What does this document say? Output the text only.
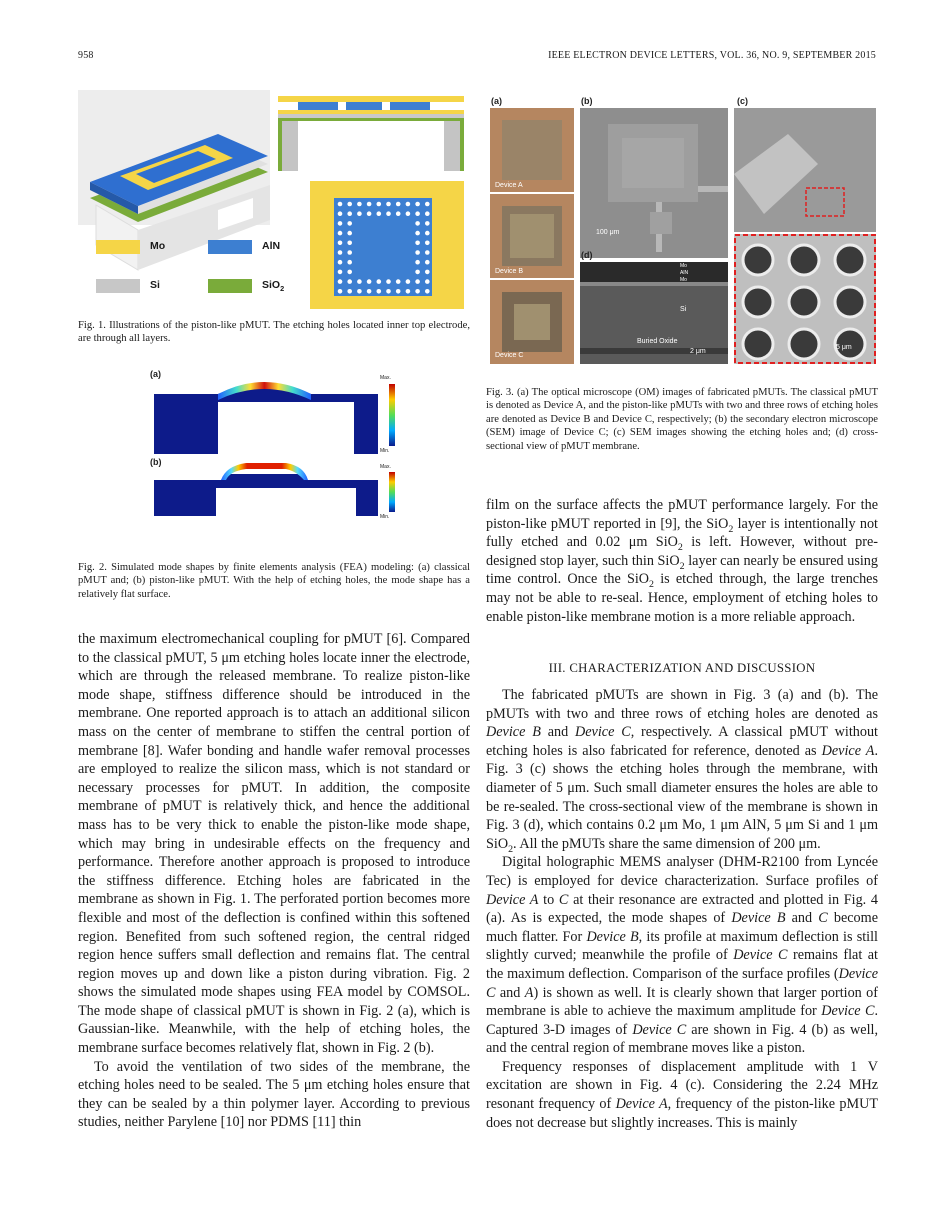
958	IEEE ELECTRON DEVICE LETTERS, VOL. 36, NO. 9, SEPTEMBER 2015
Mo	AlN
Si	SiO$_2$
Fig. 1. Illustrations of the piston-like pMUT. The etching holes located inner top electrode, are through all layers.
(a)
(b)
Max.
Min.
Max.
Min.
Fig. 2. Simulated mode shapes by finite elements analysis (FEA) modeling: (a) classical pMUT and; (b) piston-like pMUT. With the help of etching holes, the mode shape has a relatively flat surface.

the maximum electromechanical coupling for pMUT [6]. Compared to the classical pMUT, 5 μm etching holes locate inner the electrode, which are through the released membrane. To realize piston-like mode shape, stiffness difference should be introduced in the membrane. One reported approach is to attach an additional silicon mass on the center of membrane to stiffen the central portion of membrane [8]. Wafer bonding and handle wafer removal processes are employed to realize the silicon mass, which is not standard or necessary processes for pMUT. In addition, the composite membrane of pMUT is relatively thick, and hence the additional mass has to be very thick to enable the piston-like mode shape, which may bring in undesirable effects on the frequency and performance. Therefore another approach is proposed to introduce the stiffness difference. Etching holes are fabricated in the membrane as shown in Fig. 1. The perforated portion becomes more flexible and most of the deflection is confined within this softened region. Benefited from such softened region, the central ridged region hence suffers small deflection and remains flat. The central region moves up and down like a piston during vibration. Fig. 2 shows the simulated mode shapes using FEA model by COMSOL. The mode shape of classical pMUT is shown in Fig. 2 (a), which is Gaussian-like. Meanwhile, with the help of etching holes, the membrane surface becomes relatively flat, shown in Fig. 2 (b).

To avoid the ventilation of two sides of the membrane, the etching holes need to be sealed. The 5 μm etching holes ensure that they can be sealed by a thin polymer layer. According to previous studies, neither Parylene [10] nor PDMS [11] thin

(a)	(b)	(c)
(d)
Device A
Device B
Device C
100 μm
Mo
AlN
Mo
Si
Buried Oxide
2 μm
5 μm
Fig. 3. (a) The optical microscope (OM) images of fabricated pMUTs. The classical pMUT is denoted as Device A, and the piston-like pMUTs with two and three rows of etching holes are denoted as Device B and Device C, respectively; (b) the secondary electron microscope (SEM) image of Device C; (c) SEM images showing the etching holes and; (d) cross-sectional view of pMUT membrane.

film on the surface affects the pMUT performance largely. For the piston-like pMUT reported in [9], the SiO$_2$ layer is intentionally not fully etched and 0.02 μm SiO$_2$ is left. However, without pre-designed stop layer, such thin SiO$_2$ layer can nearly be ensured using time control. Once the SiO$_2$ is etched through, the large trenches may not be able to re-seal. Hence, employment of etching holes to enable piston-like membrane motion is a more reliable approach.

III. CHARACTERIZATION AND DISCUSSION

The fabricated pMUTs are shown in Fig. 3 (a) and (b). The pMUTs with two and three rows of etching holes are denoted as Device B and Device C, respectively. A classical pMUT without etching holes is also fabricated for reference, denoted as Device A. Fig. 3 (c) shows the etching holes through the membrane, with diameter of 5 μm. Such small diameter ensures the holes are able to be re-sealed. The cross-sectional view of the membrane is shown in Fig. 3 (d), which contains 0.2 μm Mo, 1 μm AlN, 5 μm Si and 1 μm SiO$_2$. All the pMUTs share the same dimension of 200 μm.

Digital holographic MEMS analyser (DHM-R2100 from Lyncée Tec) is employed for device characterization. Surface profiles of Device A to C at their resonance are extracted and plotted in Fig. 4 (a). As is expected, the mode shapes of Device B and C become much flatter. For Device B, its profile at maximum deflection is still slightly curved; meanwhile the profile of Device C remains flat at the maximum deflection. Comparison of the surface profiles (Device C and A) is shown as well. It is clearly shown that larger portion of membrane is able to achieve the maximum amplitude for Device C. Captured 3-D images of Device C are shown in Fig. 4 (b) as well, and the central region of membrane moves like a piston.

Frequency responses of displacement amplitude with 1 V excitation are shown in Fig. 4 (c). Considering the 2.24 MHz resonant frequency of Device A, frequency of the piston-like pMUT does not decrease but slightly increases. This is mainly
